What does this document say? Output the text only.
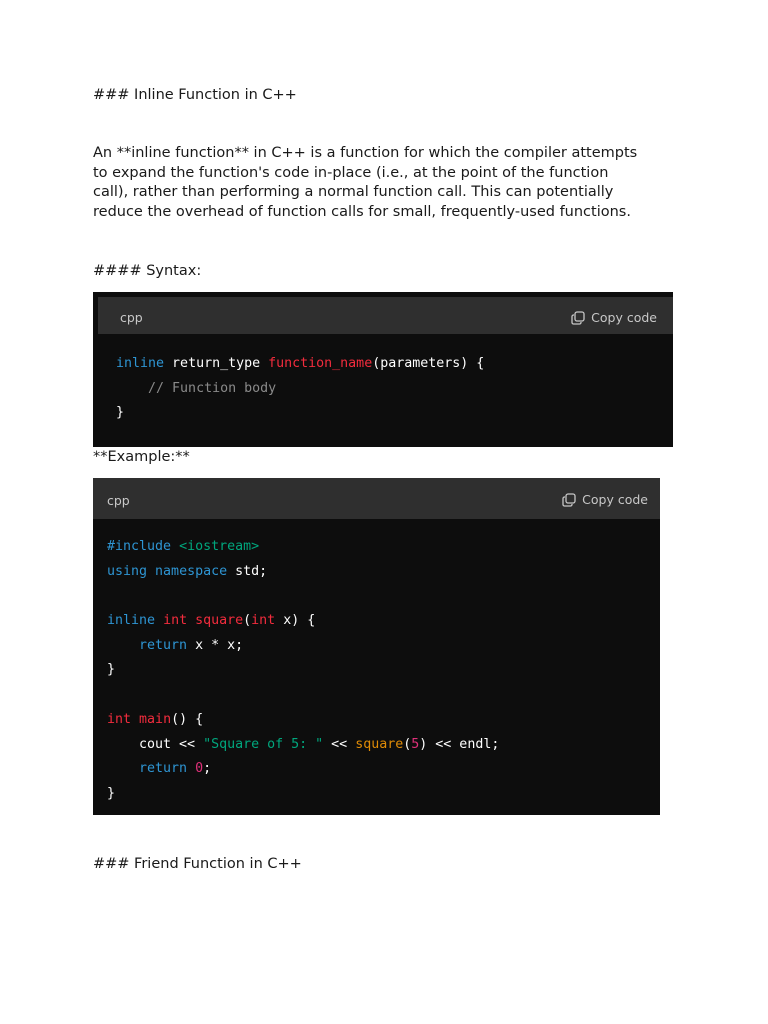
### Inline Function in C++
An **inline function** in C++ is a function for which the compiler attempts
to expand the function's code in-place (i.e., at the point of the function
call), rather than performing a normal function call. This can potentially
reduce the overhead of function calls for small, frequently-used functions.
#### Syntax:
cpp	Copy code
inline return_type function_name(parameters) {
// Function body
}
**Example:**
cpp	Copy code
#include <iostream>
using namespace std;

inline int square(int x) {
return x * x;
}

int main() {
cout << "Square of 5: " << square(5) << endl;
return 0;
}
### Friend Function in C++
